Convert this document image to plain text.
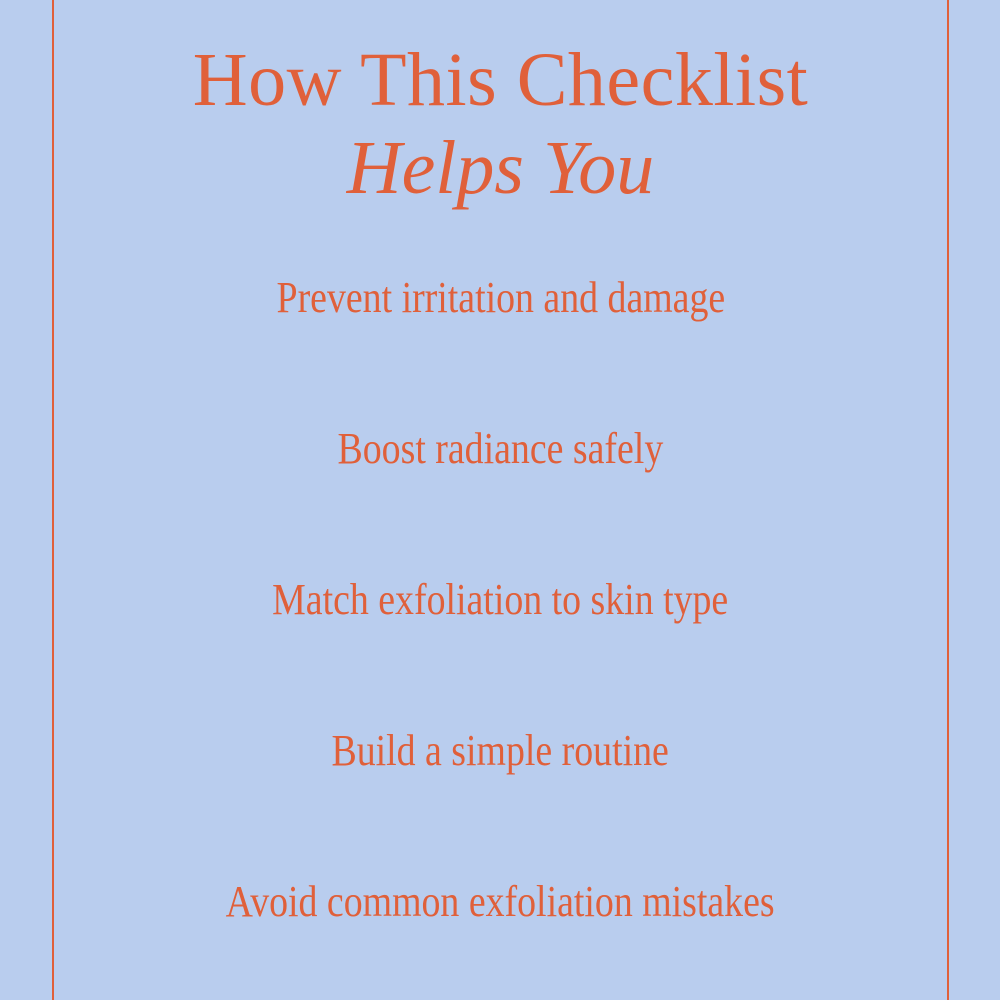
How This Checklist
Helps You
Prevent irritation and damage
Boost radiance safely
Match exfoliation to skin type
Build a simple routine
Avoid common exfoliation mistakes
